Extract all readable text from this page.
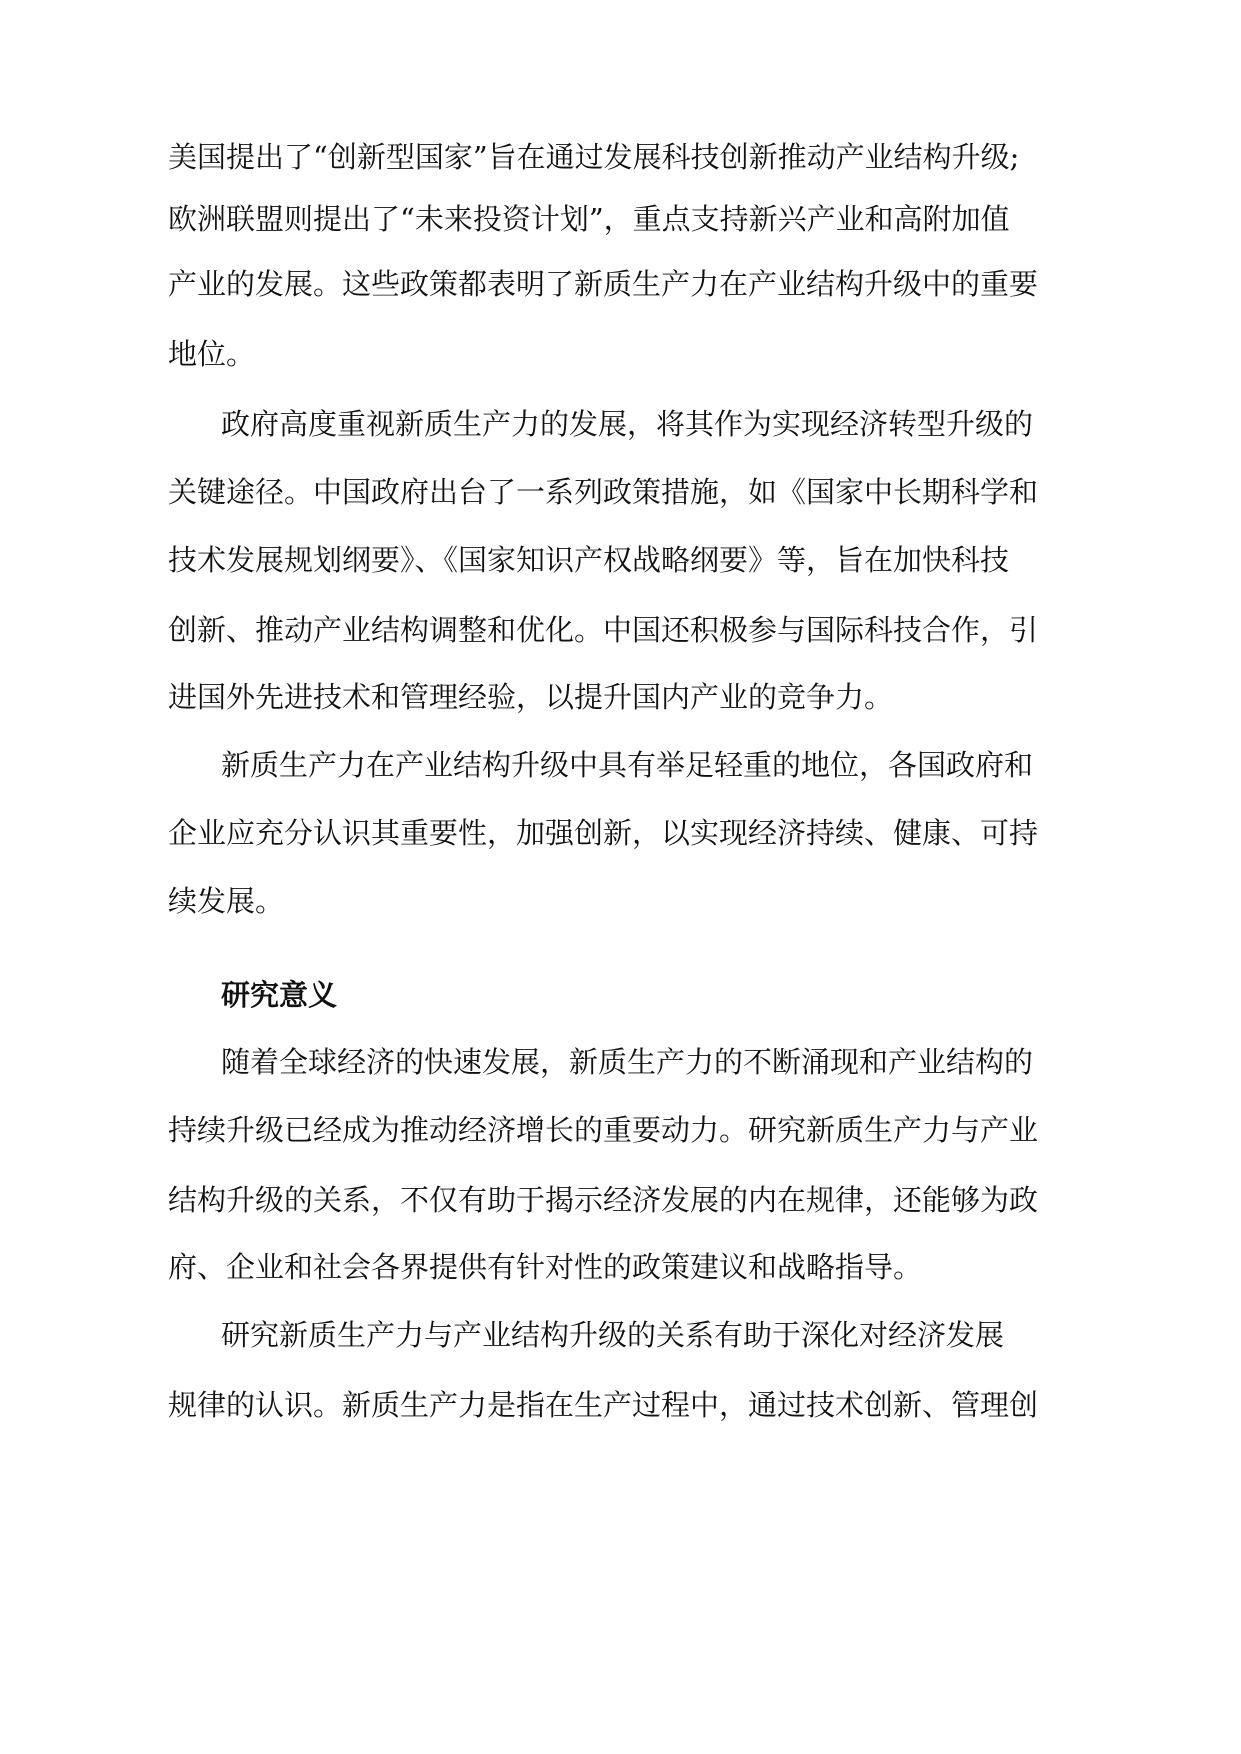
美国提出了“创新型国家”旨在通过发展科技创新推动产业结构升级;
欧洲联盟则提出了“未来投资计划”，重点支持新兴产业和高附加值
产业的发展。这些政策都表明了新质生产力在产业结构升级中的重要
地位。
政府高度重视新质生产力的发展，将其作为实现经济转型升级的
关键途径。中国政府出台了一系列政策措施，如《国家中长期科学和
技术发展规划纲要》、《国家知识产权战略纲要》等，旨在加快科技
创新、推动产业结构调整和优化。中国还积极参与国际科技合作，引
进国外先进技术和管理经验，以提升国内产业的竞争力。
新质生产力在产业结构升级中具有举足轻重的地位，各国政府和
企业应充分认识其重要性，加强创新，以实现经济持续、健康、可持
续发展。
研究意义
随着全球经济的快速发展，新质生产力的不断涌现和产业结构的
持续升级已经成为推动经济增长的重要动力。研究新质生产力与产业
结构升级的关系，不仅有助于揭示经济发展的内在规律，还能够为政
府、企业和社会各界提供有针对性的政策建议和战略指导。
研究新质生产力与产业结构升级的关系有助于深化对经济发展
规律的认识。新质生产力是指在生产过程中，通过技术创新、管理创
